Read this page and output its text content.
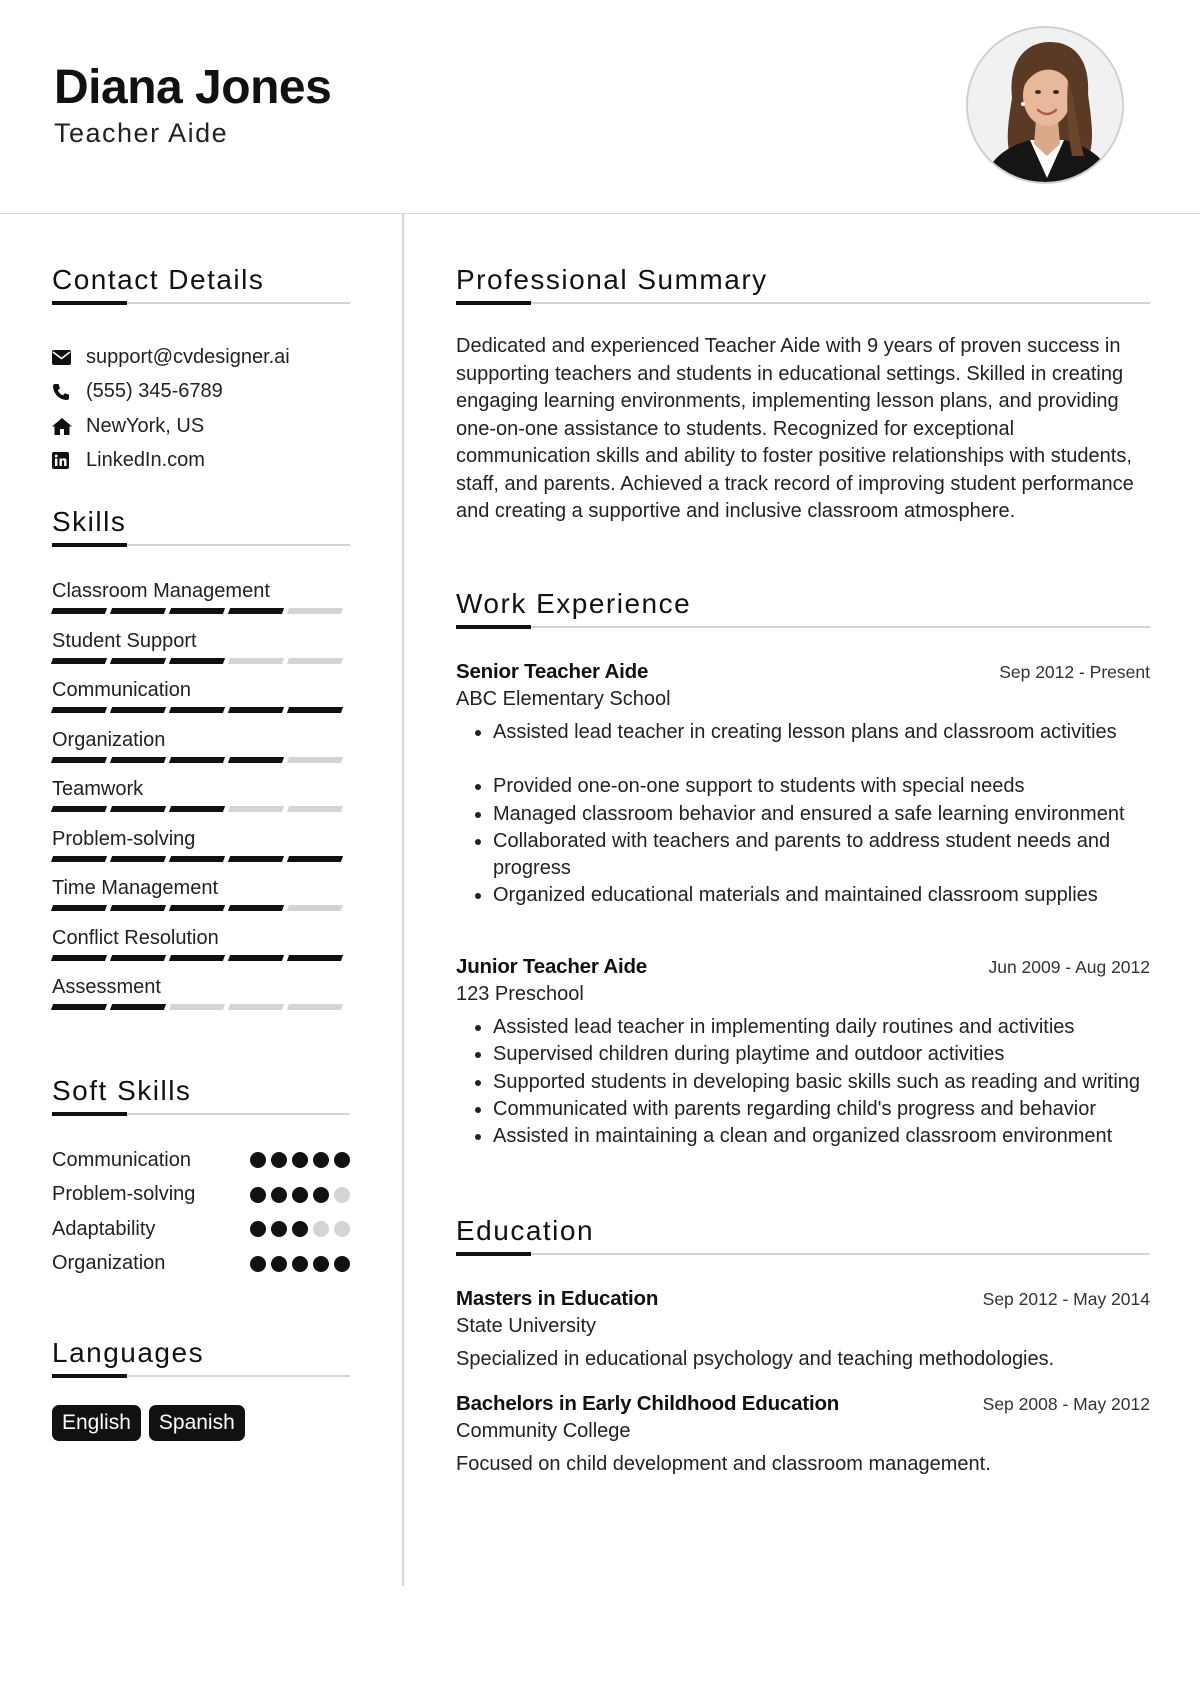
Diana Jones
Teacher Aide
Contact Details
support@cvdesigner.ai
(555) 345-6789
NewYork, US
LinkedIn.com
Skills
Classroom Management
Student Support
Communication
Organization
Teamwork
Problem-solving
Time Management
Conflict Resolution
Assessment
Soft Skills
Communication
Problem-solving
Adaptability
Organization
Languages
English	Spanish
Professional Summary
Dedicated and experienced Teacher Aide with 9 years of proven success in supporting teachers and students in educational settings. Skilled in creating engaging learning environments, implementing lesson plans, and providing one-on-one assistance to students. Recognized for exceptional communication skills and ability to foster positive relationships with students, staff, and parents. Achieved a track record of improving student performance and creating a supportive and inclusive classroom atmosphere.
Work Experience
Senior Teacher Aide	Sep 2012 - Present
ABC Elementary School
• Assisted lead teacher in creating lesson plans and classroom activities
• Provided one-on-one support to students with special needs
• Managed classroom behavior and ensured a safe learning environment
• Collaborated with teachers and parents to address student needs and progress
• Organized educational materials and maintained classroom supplies
Junior Teacher Aide	Jun 2009 - Aug 2012
123 Preschool
• Assisted lead teacher in implementing daily routines and activities
• Supervised children during playtime and outdoor activities
• Supported students in developing basic skills such as reading and writing
• Communicated with parents regarding child's progress and behavior
• Assisted in maintaining a clean and organized classroom environment
Education
Masters in Education	Sep 2012 - May 2014
State University
Specialized in educational psychology and teaching methodologies.
Bachelors in Early Childhood Education	Sep 2008 - May 2012
Community College
Focused on child development and classroom management.
